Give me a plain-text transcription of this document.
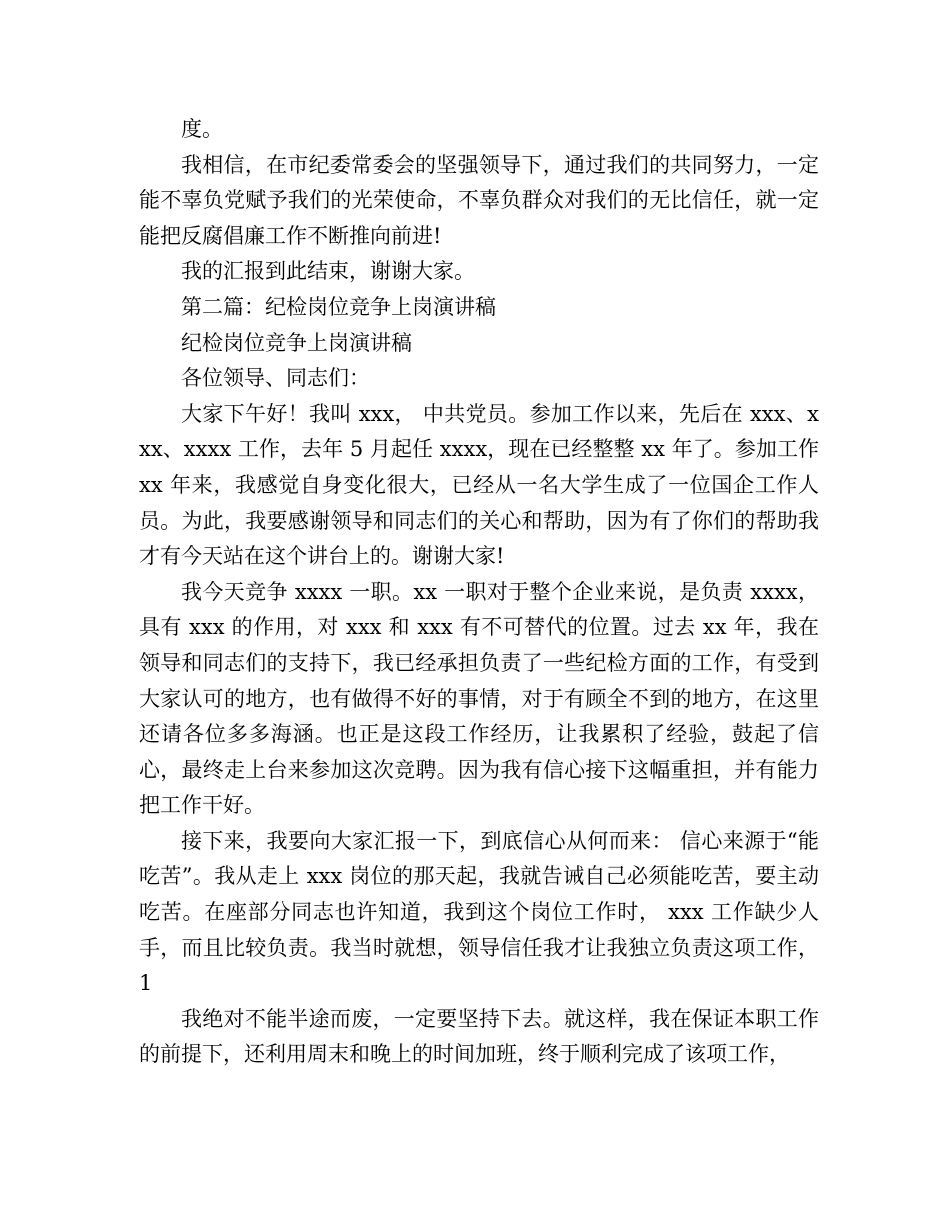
度。

我相信，在市纪委常委会的坚强领导下，通过我们的共同努力，一定能不辜负党赋予我们的光荣使命，不辜负群众对我们的无比信任，就一定能把反腐倡廉工作不断推向前进!

我的汇报到此结束，谢谢大家。

第二篇：纪检岗位竞争上岗演讲稿

纪检岗位竞争上岗演讲稿

各位领导、同志们：

大家下午好！我叫 xxx， 中共党员。参加工作以来，先后在 xxx、xxx、xxxx 工作，去年 5 月起任 xxxx，现在已经整整 xx 年了。参加工作 xx 年来，我感觉自身变化很大，已经从一名大学生成了一位国企工作人员。为此，我要感谢领导和同志们的关心和帮助，因为有了你们的帮助我才有今天站在这个讲台上的。谢谢大家!

我今天竞争 xxxx 一职。xx 一职对于整个企业来说，是负责 xxxx，具有 xxx 的作用，对 xxx 和 xxx 有不可替代的位置。过去 xx 年，我在领导和同志们的支持下，我已经承担负责了一些纪检方面的工作，有受到大家认可的地方，也有做得不好的事情，对于有顾全不到的地方，在这里还请各位多多海涵。也正是这段工作经历，让我累积了经验，鼓起了信心，最终走上台来参加这次竞聘。因为我有信心接下这幅重担，并有能力把工作干好。

接下来，我要向大家汇报一下，到底信心从何而来： 信心来源于“能吃苦”。我从走上 xxx 岗位的那天起，我就告诫自己必须能吃苦，要主动吃苦。在座部分同志也许知道，我到这个岗位工作时， xxx 工作缺少人手，而且比较负责。我当时就想，领导信任我才让我独立负责这项工作， 1

我绝对不能半途而废，一定要坚持下去。就这样，我在保证本职工作的前提下，还利用周末和晚上的时间加班，终于顺利完成了该项工作，
